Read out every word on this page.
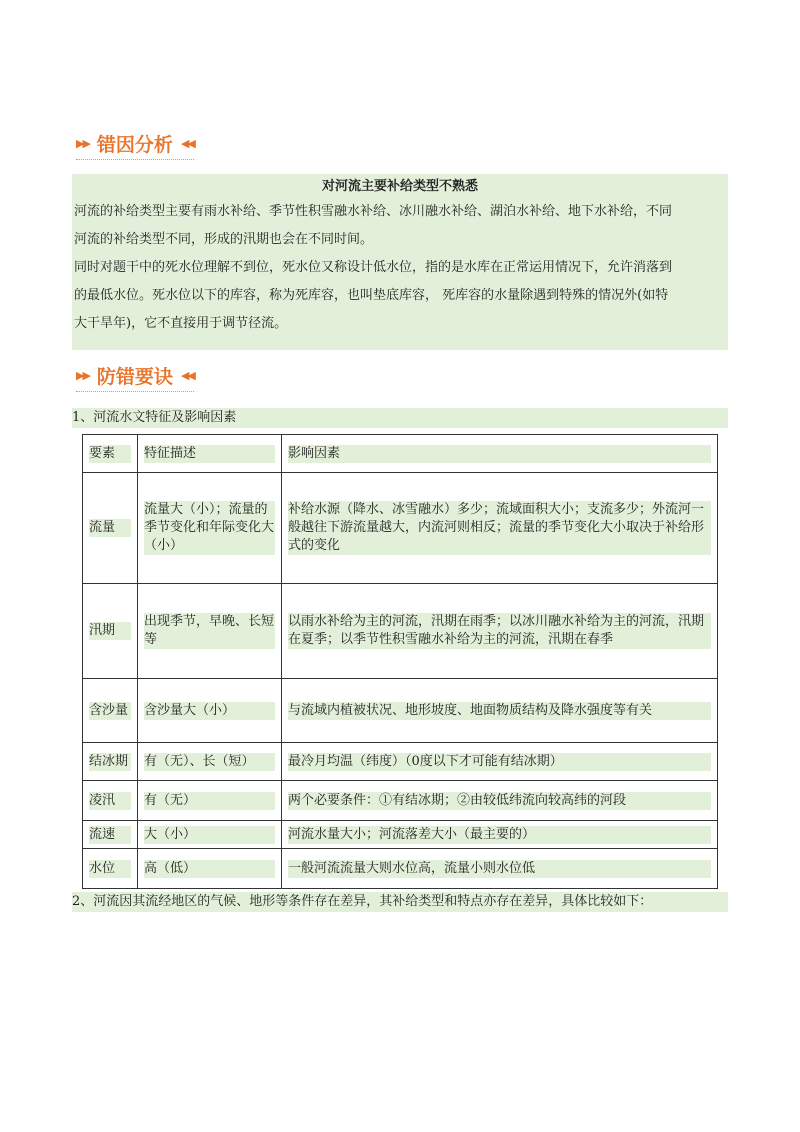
▶▶ 错因分析 ◀◀
对河流主要补给类型不熟悉

河流的补给类型主要有雨水补给、季节性积雪融水补给、冰川融水补给、湖泊水补给、地下水补给，不同

河流的补给类型不同，形成的汛期也会在不同时间。

同时对题干中的死水位理解不到位，死水位又称设计低水位，指的是水库在正常运用情况下，允许消落到

的最低水位。死水位以下的库容，称为死库容，也叫垫底库容， 死库容的水量除遇到特殊的情况外(如特

大干旱年)，它不直接用于调节径流。

▶▶ 防错要诀 ◀◀
1、河流水文特征及影响因素
要素	特征描述	影响因素

流量	流量大（小）；流量的季节变化和年际变化大（小）	补给水源（降水、冰雪融水）多少；流域面积大小；支流多少；外流河一般越往下游流量越大，内流河则相反；流量的季节变化大小取决于补给形式的变化

汛期	出现季节，早晚、长短等	以雨水补给为主的河流，汛期在雨季；以冰川融水补给为主的河流，汛期在夏季；以季节性积雪融水补给为主的河流，汛期在春季

含沙量	含沙量大（小）	与流域内植被状况、地形坡度、地面物质结构及降水强度等有关

结冰期	有（无）、长（短）	最冷月均温（纬度）（0度以下才可能有结冰期）

凌汛	有（无）	两个必要条件：①有结冰期；②由较低纬流向较高纬的河段

流速	大（小）	河流水量大小；河流落差大小（最主要的）

水位	高（低）	一般河流流量大则水位高，流量小则水位低
2、河流因其流经地区的气候、地形等条件存在差异，其补给类型和特点亦存在差异，具体比较如下：
